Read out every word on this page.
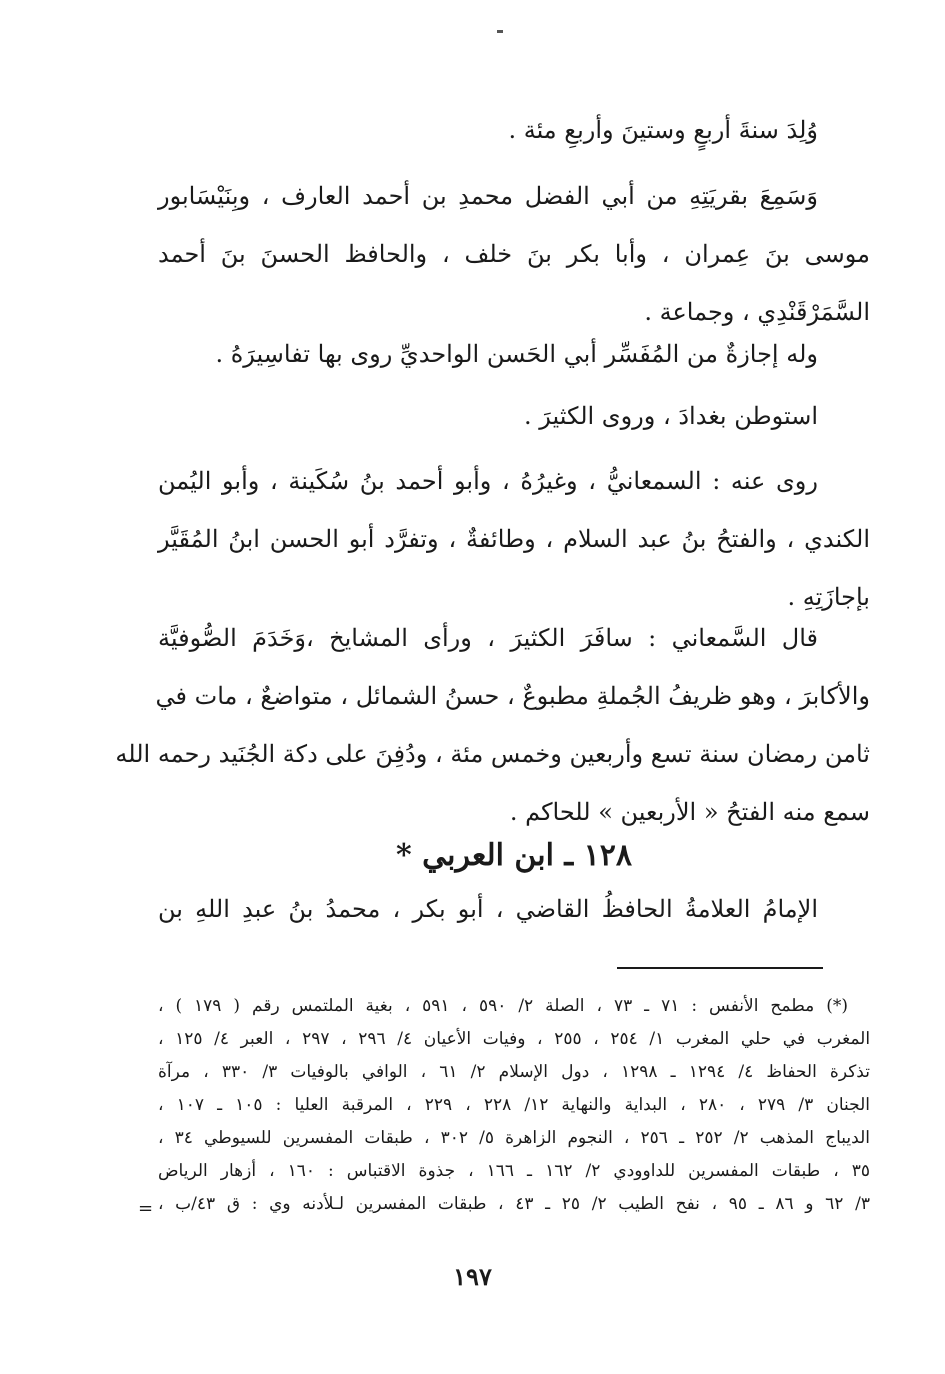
وُلِدَ سنةَ أربعٍ وستينَ وأربعِ مئة .
وَسَمِعَ بقريَتِهِ من أبي الفضل محمدِ بن أحمد العارف ، وبِنَيْسَابور
موسى بنَ عِمران ، وأبا بكر بنَ خلف ، والحافظ الحسنَ بنَ أحمد
السَّمَرْقَنْدِي ، وجماعة .
وله إجازةٌ من المُفَسِّر أبي الحَسن الواحديِّ روى بها تفاسِيرَهُ .
استوطن بغدادَ ، وروى الكثيرَ .
روى عنه : السمعانيُّ ، وغيرُهُ ، وأبو أحمد بنُ سُكَينة ، وأبو اليُمن
الكندي ، والفتحُ بنُ عبد السلام ، وطائفةٌ ، وتفرَّد أبو الحسن ابنُ المُقَيَّر
بإجازَتِهِ .
قال السَّمعاني : سافَرَ الكثيرَ ، ورأى المشايخ ،وَخَدَمَ الصُّوفيَّة
والأكابرَ ، وهو ظريفُ الجُملةِ مطبوعٌ ، حسنُ الشمائل ، متواضعٌ ، مات في
ثامن رمضان سنة تسع وأربعين وخمس مئة ، ودُفِنَ على دكة الجُنَيد رحمه الله
سمع منه الفتحُ « الأربعين » للحاكم .
١٢٨ ـ ابن العربي *
الإمامُ العلامةُ الحافظُ القاضي ، أبو بكر ، محمدُ بنُ عبدِ اللهِ بن
(*) مطمح الأنفس : ٧١ ـ ٧٣ ، الصلة ٢/ ٥٩٠ ، ٥٩١ ، بغية الملتمس رقم ( ١٧٩ ) ،
المغرب في حلي المغرب ١/ ٢٥٤ ، ٢٥٥ ، وفيات الأعيان ٤/ ٢٩٦ ، ٢٩٧ ، العبر ٤/ ١٢٥ ،
تذكرة الحفاظ ٤/ ١٢٩٤ ـ ١٢٩٨ ، دول الإسلام ٢/ ٦١ ، الوافي بالوفيات ٣/ ٣٣٠ ، مرآة
الجنان ٣/ ٢٧٩ ، ٢٨٠ ، البداية والنهاية ١٢/ ٢٢٨ ، ٢٢٩ ، المرقبة العليا : ١٠٥ ـ ١٠٧ ،
الديباج المذهب ٢/ ٢٥٢ ـ ٢٥٦ ، النجوم الزاهرة ٥/ ٣٠٢ ، طبقات المفسرين للسيوطي ٣٤ ،
٣٥ ، طبقات المفسرين للداوودي ٢/ ١٦٢ ـ ١٦٦ ، جذوة الاقتباس : ١٦٠ ، أزهار الرياض
٣/ ٦٢ و ٨٦ ـ ٩٥ ، نفح الطيب ٢/ ٢٥ ـ ٤٣ ، طبقات المفسرين لـلأدنه وي : ق ٤٣/ب ،
=
١٩٧
